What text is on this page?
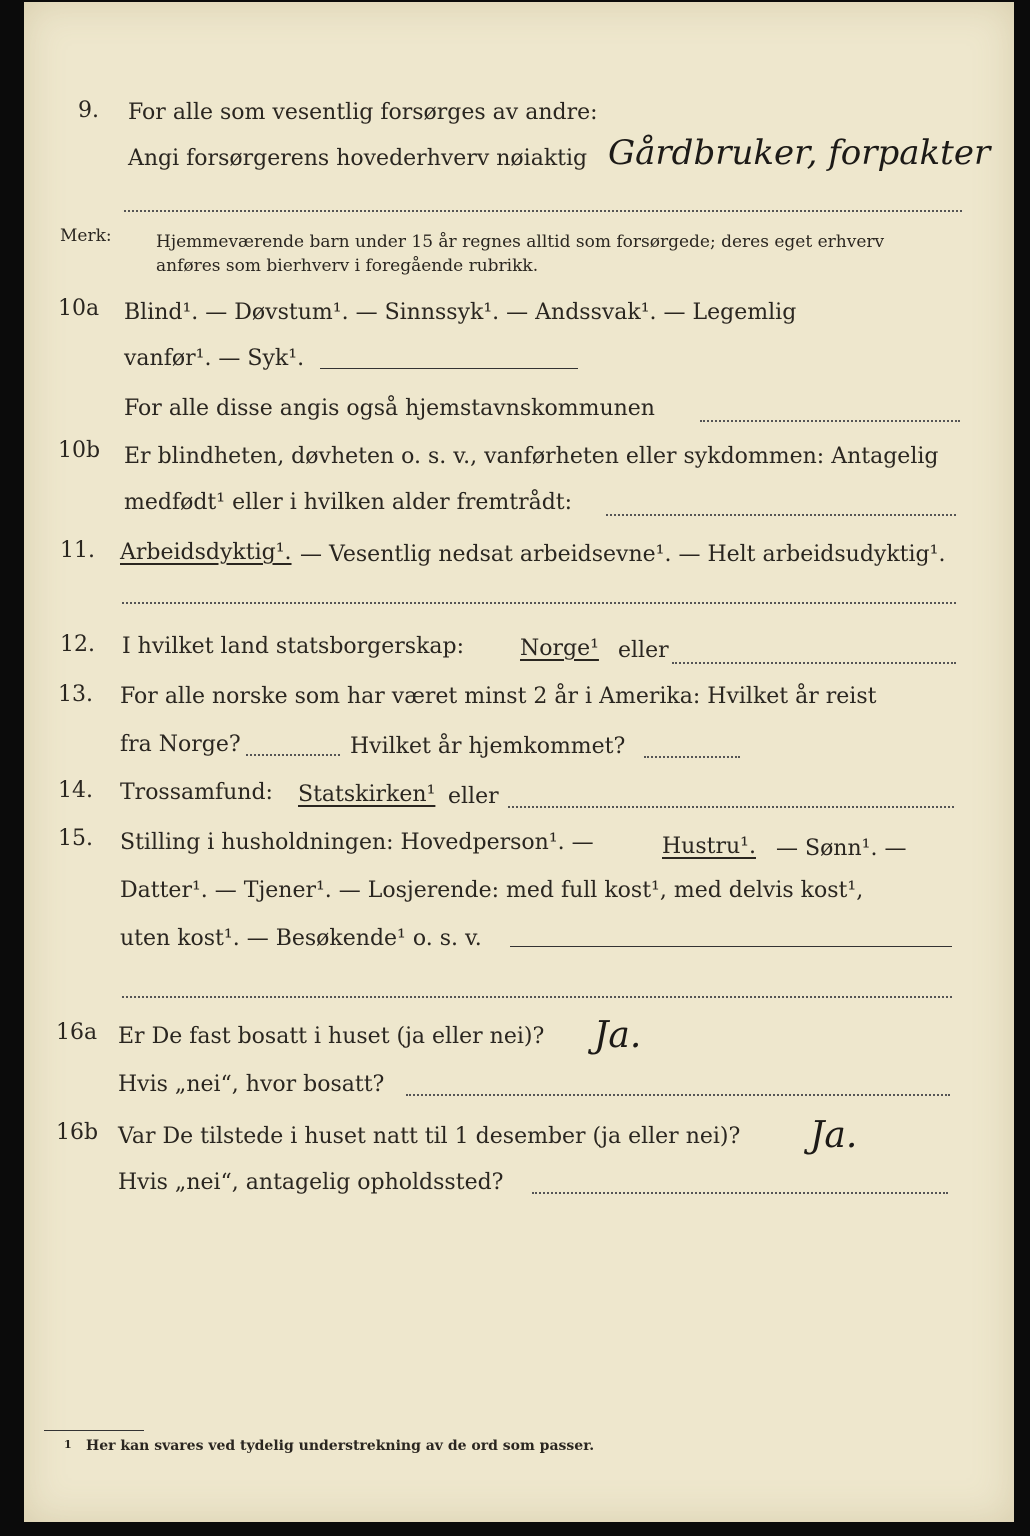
9. For alle som vesentlig forsørges av andre:
Angi forsørgerens hovederhverv nøiaktig Gårdbruker, forpakter
Merk:	Hjemmeværende barn under 15 år regnes alltid som forsørgede; deres eget erhverv
anføres som bierhverv i foregående rubrikk.
10a Blind¹. — Døvstum¹. — Sinnssyk¹. — Andssvak¹. — Legemlig
vanfør¹. — Syk¹.
For alle disse angis også hjemstavnskommunen
10b Er blindheten, døvheten o. s. v., vanførheten eller sykdommen: Antagelig
medfødt¹ eller i hvilken alder fremtrådt:
11. Arbeidsdyktig¹. — Vesentlig nedsat arbeidsevne¹. — Helt arbeidsudyktig¹.
12. I hvilket land statsborgerskap:	Norge¹ eller
13. For alle norske som har været minst 2 år i Amerika: Hvilket år reist
fra Norge?	Hvilket år hjemkommet?
14. Trossamfund: Statskirken¹ eller
15. Stilling i husholdningen: Hovedperson¹. —	Hustru¹. — Sønn¹. —
Datter¹. — Tjener¹. — Losjerende: med full kost¹, med delvis kost¹,
uten kost¹. — Besøkende¹ o. s. v.
16a Er De fast bosatt i huset (ja eller nei)? Ja.
Hvis „nei“, hvor bosatt?
16b Var De tilstede i huset natt til 1 desember (ja eller nei)? Ja.
Hvis „nei“, antagelig opholdssted?
1 Her kan svares ved tydelig understrekning av de ord som passer.
